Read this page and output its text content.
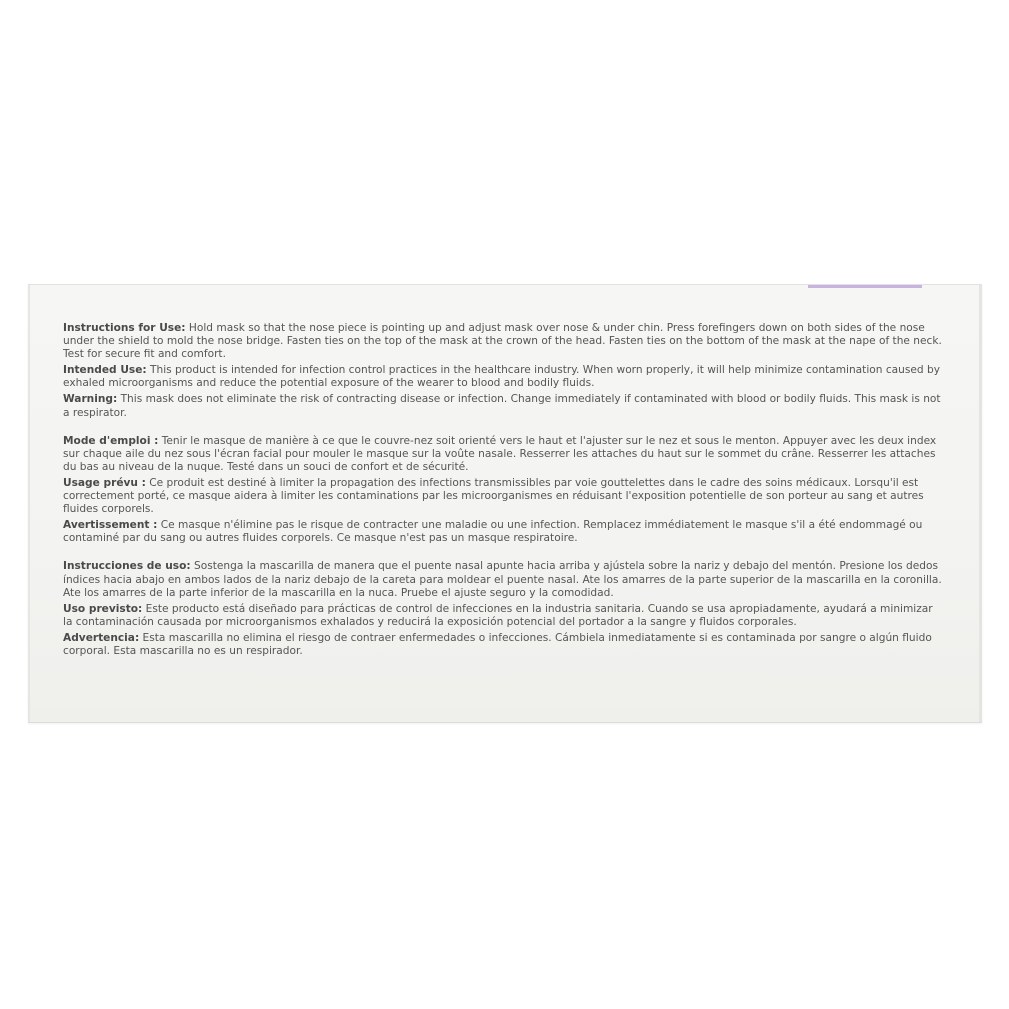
Instructions for Use: Hold mask so that the nose piece is pointing up and adjust mask over nose & under chin. Press forefingers down on both sides of the nose under the shield to mold the nose bridge. Fasten ties on the top of the mask at the crown of the head. Fasten ties on the bottom of the mask at the nape of the neck. Test for secure fit and comfort.

Intended Use: This product is intended for infection control practices in the healthcare industry. When worn properly, it will help minimize contamination caused by exhaled microorganisms and reduce the potential exposure of the wearer to blood and bodily fluids.

Warning: This mask does not eliminate the risk of contracting disease or infection. Change immediately if contaminated with blood or bodily fluids. This mask is not a respirator.

Mode d'emploi : Tenir le masque de manière à ce que le couvre-nez soit orienté vers le haut et l'ajuster sur le nez et sous le menton. Appuyer avec les deux index sur chaque aile du nez sous l'écran facial pour mouler le masque sur la voûte nasale. Resserrer les attaches du haut sur le sommet du crâne. Resserrer les attaches du bas au niveau de la nuque. Testé dans un souci de confort et de sécurité.

Usage prévu : Ce produit est destiné à limiter la propagation des infections transmissibles par voie gouttelettes dans le cadre des soins médicaux. Lorsqu'il est correctement porté, ce masque aidera à limiter les contaminations par les microorganismes en réduisant l'exposition potentielle de son porteur au sang et autres fluides corporels.

Avertissement : Ce masque n'élimine pas le risque de contracter une maladie ou une infection. Remplacez immédiatement le masque s'il a été endommagé ou contaminé par du sang ou autres fluides corporels. Ce masque n'est pas un masque respiratoire.

Instrucciones de uso: Sostenga la mascarilla de manera que el puente nasal apunte hacia arriba y ajústela sobre la nariz y debajo del mentón. Presione los dedos índices hacia abajo en ambos lados de la nariz debajo de la careta para moldear el puente nasal. Ate los amarres de la parte superior de la mascarilla en la coronilla. Ate los amarres de la parte inferior de la mascarilla en la nuca. Pruebe el ajuste seguro y la comodidad.

Uso previsto: Este producto está diseñado para prácticas de control de infecciones en la industria sanitaria. Cuando se usa apropiadamente, ayudará a minimizar la contaminación causada por microorganismos exhalados y reducirá la exposición potencial del portador a la sangre y fluidos corporales.

Advertencia: Esta mascarilla no elimina el riesgo de contraer enfermedades o infecciones. Cámbiela inmediatamente si es contaminada por sangre o algún fluido corporal. Esta mascarilla no es un respirador.
